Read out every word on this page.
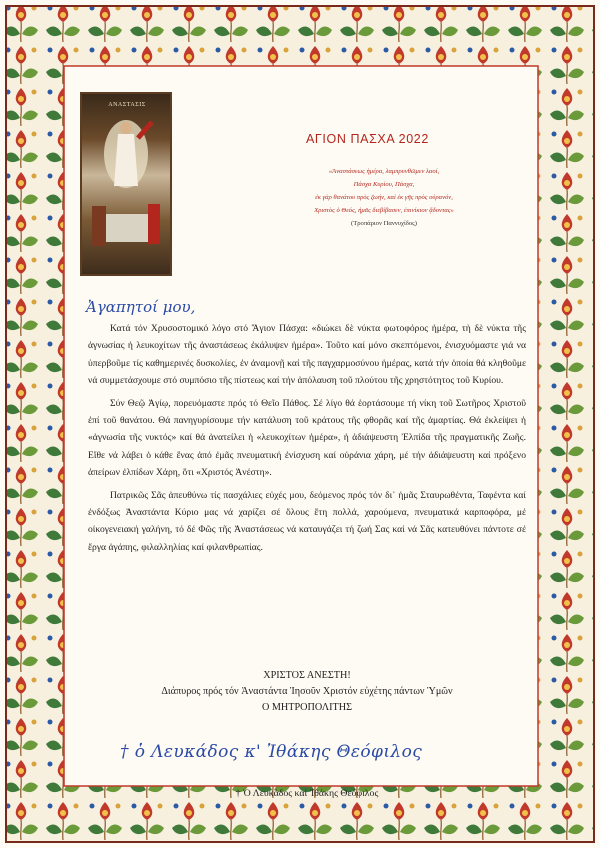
ΑΝΑΣΤΑΣΙΣ
ΑΓΙΟΝ ΠΑΣΧΑ 2022
«Ἀναστάσεως ἡμέρα, λαμπρυνθῶμεν λαοί,
Πάσχα Κυρίου, Πάσχα,
ἐκ γὰρ θανάτου πρὸς ζωήν, καὶ ἐκ γῆς πρὸς οὐρανόν,
Χριστὸς ὁ Θεός, ἡμᾶς διεβίβασεν, ἐπινίκιον ᾄδοντας»
(Τροπάριον Παννυχίδος)
Ἀγαπητοί μου,

Κατά τόν Χρυσοστομικό λόγο στό Ἅγιον Πάσχα: «διώκει δὲ νύκτα φωτοφόρος ἡμέρα, τὴ δὲ νύκτα τῆς ἀγνωσίας ἡ λευκοχίτων τῆς ἀναστάσεως ἐκάλυψεν ἡμέρα». Τοῦτο καί μόνο σκεπτόμενοι, ἐνισχυόμαστε γιά να ὑπερβοῦμε τίς καθημερινές δυσκολίες, ἐν ἀναμονῇ καί τῆς παγχαρμοσύνου ἡμέρας, κατά τήν ὁποία θά κληθοῦμε νά συμμετάσχουμε στό συμπόσιο τῆς πίστεως καί τήν ἀπόλαυση τοῦ πλούτου τῆς χρηστότητος τοῦ Κυρίου.

Σύν Θεῷ Ἁγίῳ, πορευόμαστε πρός τό Θεῖο Πάθος. Σέ λίγο θά ἑορτάσουμε τή νίκη τοῦ Σωτῆρος Χριστοῦ ἐπί τοῦ θανάτου. Θά πανηγυρίσουμε τήν κατάλυση τοῦ κράτους τῆς φθορᾶς καί τῆς ἁμαρτίας. Θά ἐκλείψει ἡ «ἀγνωσία τῆς νυκτός» καί θά ἀνατείλει ἡ «λευκοχίτων ἡμέρα», ἡ ἀδιάψευστη Ἐλπίδα τῆς πραγματικῆς Ζωῆς. Εἴθε νά λάβει ὁ κάθε ἕνας ἀπό ἐμᾶς πνευματική ἐνίσχυση καί οὐράνια χάρη, μέ τήν ἀδιάψευστη καί πρόξενο ἀπείρων ἐλπίδων Χάρη, ὅτι «Χριστός Ἀνέστη».

Πατρικῶς Σᾶς ἀπευθύνω τίς πασχάλιες εὐχές μου, δεόμενος πρός τόν δι᾽ ἡμᾶς Σταυρωθέντα, Ταφέντα καί ἐνδόξως Ἀναστάντα Κύριο μας νά χαρίζει σέ ὅλους ἔτη πολλά, χαρούμενα, πνευματικά καρποφόρα, μέ οἰκογενειακή γαλήνη, τό δέ Φῶς τῆς Ἀναστάσεως νά καταυγάζει τή ζωή Σας καί νά Σᾶς κατευθύνει πάντοτε σέ ἔργα ἀγάπης, φιλαλληλίας καί φιλανθρωπίας.

ΧΡΙΣΤΟΣ ΑΝΕΣΤΗ!
Διάπυρος πρός τόν Ἀναστάντα Ἰησοῦν Χριστόν εὐχέτης πάντων Ὑμῶν
Ο ΜΗΤΡΟΠΟΛΙΤΗΣ
† ὁ Λευκάδος κ' Ἰθάκης Θεόφιλος
† Ὁ Λευκάδος καί Ἰθάκης Θεόφιλος
